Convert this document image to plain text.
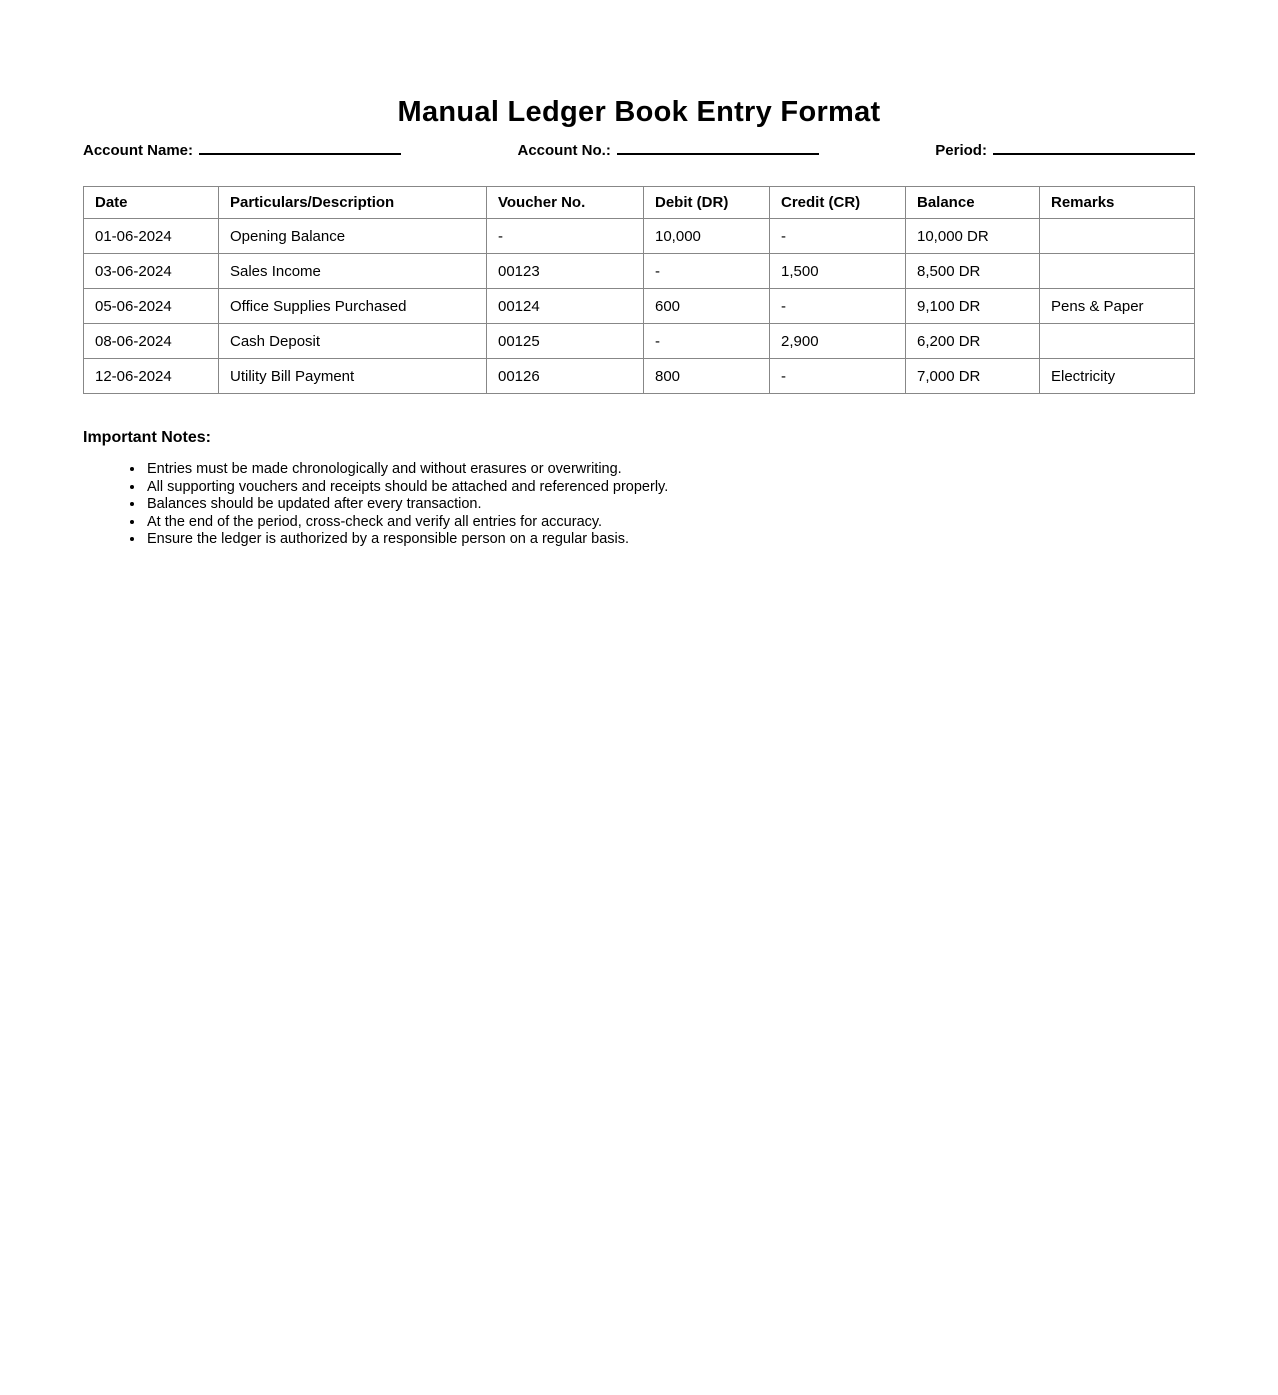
Manual Ledger Book Entry Format
Account Name:	Account No.:	Period:
Date	Particulars/Description	Voucher No.	Debit (DR)	Credit (CR)	Balance	Remarks
01-06-2024	Opening Balance	-	10,000	-	10,000 DR	
03-06-2024	Sales Income	00123	-	1,500	8,500 DR	
05-06-2024	Office Supplies Purchased	00124	600	-	9,100 DR	Pens & Paper
08-06-2024	Cash Deposit	00125	-	2,900	6,200 DR	
12-06-2024	Utility Bill Payment	00126	800	-	7,000 DR	Electricity
Important Notes:
• Entries must be made chronologically and without erasures or overwriting.
• All supporting vouchers and receipts should be attached and referenced properly.
• Balances should be updated after every transaction.
• At the end of the period, cross-check and verify all entries for accuracy.
• Ensure the ledger is authorized by a responsible person on a regular basis.
